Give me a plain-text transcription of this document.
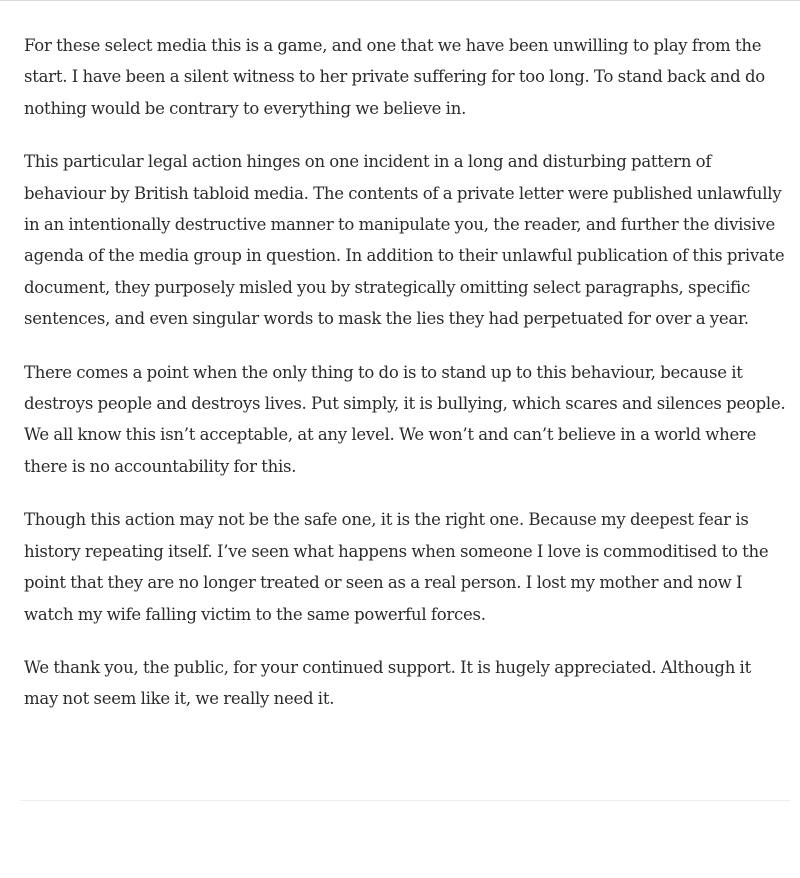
For these select media this is a game, and one that we have been unwilling to play from the start. I have been a silent witness to her private suffering for too long. To stand back and do nothing would be contrary to everything we believe in.

This particular legal action hinges on one incident in a long and disturbing pattern of behaviour by British tabloid media. The contents of a private letter were published unlawfully in an intentionally destructive manner to manipulate you, the reader, and further the divisive agenda of the media group in question. In addition to their unlawful publication of this private document, they purposely misled you by strategically omitting select paragraphs, specific sentences, and even singular words to mask the lies they had perpetuated for over a year.

There comes a point when the only thing to do is to stand up to this behaviour, because it destroys people and destroys lives. Put simply, it is bullying, which scares and silences people. We all know this isn’t acceptable, at any level. We won’t and can’t believe in a world where there is no accountability for this.

Though this action may not be the safe one, it is the right one. Because my deepest fear is history repeating itself. I’ve seen what happens when someone I love is commoditised to the point that they are no longer treated or seen as a real person. I lost my mother and now I watch my wife falling victim to the same powerful forces.

We thank you, the public, for your continued support. It is hugely appreciated. Although it may not seem like it, we really need it.
